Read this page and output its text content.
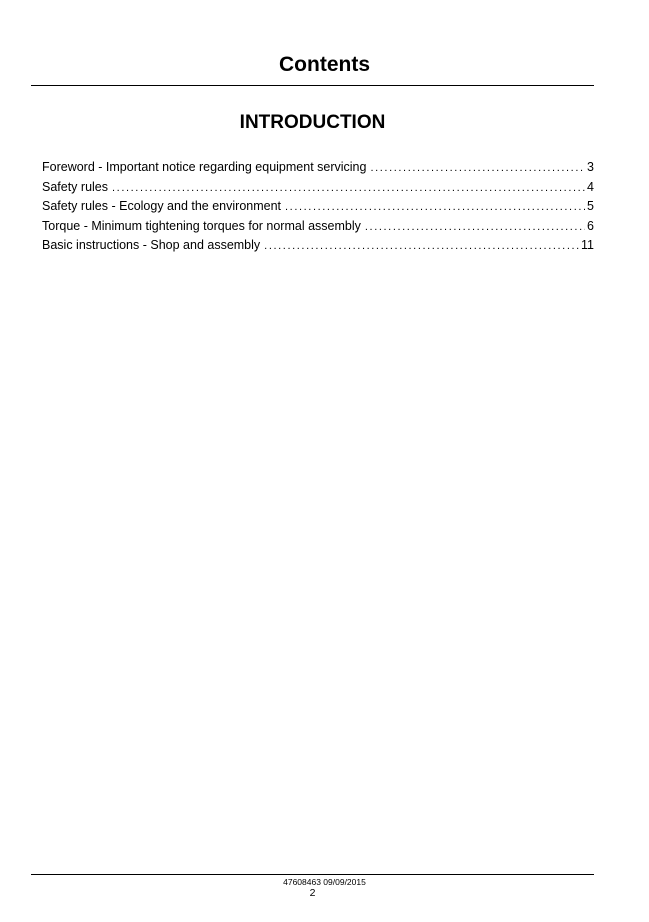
Contents
INTRODUCTION
Foreword - Important notice regarding equipment servicing .....	3
Safety rules .....	4
Safety rules - Ecology and the environment .....	5
Torque - Minimum tightening torques for normal assembly .....	6
Basic instructions - Shop and assembly .....	11
47608463 09/09/2015
2
